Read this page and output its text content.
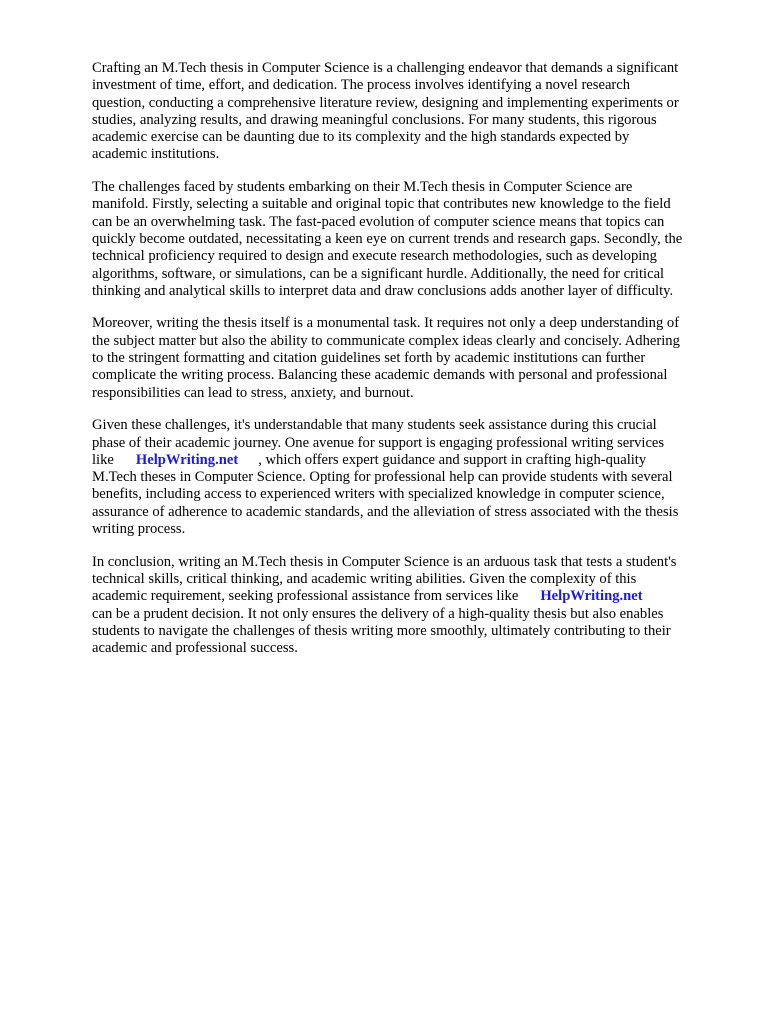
Crafting an M.Tech thesis in Computer Science is a challenging endeavor that demands a significant
investment of time, effort, and dedication. The process involves identifying a novel research
question, conducting a comprehensive literature review, designing and implementing experiments or
studies, analyzing results, and drawing meaningful conclusions. For many students, this rigorous
academic exercise can be daunting due to its complexity and the high standards expected by
academic institutions.
The challenges faced by students embarking on their M.Tech thesis in Computer Science are
manifold. Firstly, selecting a suitable and original topic that contributes new knowledge to the field
can be an overwhelming task. The fast-paced evolution of computer science means that topics can
quickly become outdated, necessitating a keen eye on current trends and research gaps. Secondly, the
technical proficiency required to design and execute research methodologies, such as developing
algorithms, software, or simulations, can be a significant hurdle. Additionally, the need for critical
thinking and analytical skills to interpret data and draw conclusions adds another layer of difficulty.
Moreover, writing the thesis itself is a monumental task. It requires not only a deep understanding of
the subject matter but also the ability to communicate complex ideas clearly and concisely. Adhering
to the stringent formatting and citation guidelines set forth by academic institutions can further
complicate the writing process. Balancing these academic demands with personal and professional
responsibilities can lead to stress, anxiety, and burnout.
Given these challenges, it's understandable that many students seek assistance during this crucial
phase of their academic journey. One avenue for support is engaging professional writing services
like HelpWriting.net , which offers expert guidance and support in crafting high-quality
M.Tech theses in Computer Science. Opting for professional help can provide students with several
benefits, including access to experienced writers with specialized knowledge in computer science,
assurance of adherence to academic standards, and the alleviation of stress associated with the thesis
writing process.
In conclusion, writing an M.Tech thesis in Computer Science is an arduous task that tests a student's
technical skills, critical thinking, and academic writing abilities. Given the complexity of this
academic requirement, seeking professional assistance from services like HelpWriting.net
can be a prudent decision. It not only ensures the delivery of a high-quality thesis but also enables
students to navigate the challenges of thesis writing more smoothly, ultimately contributing to their
academic and professional success.
